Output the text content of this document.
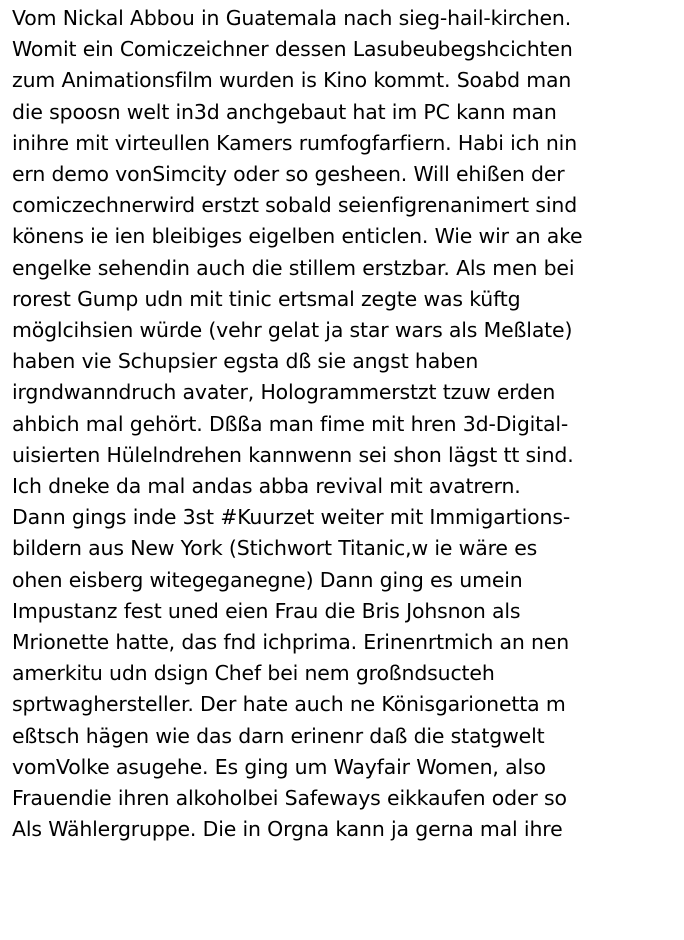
Vom Nickal Abbou in Guatemala nach sieg-hail-kirchen.
Womit ein Comiczeichner dessen Lasubeubegshcichten
zum Animationsfilm wurden is Kino kommt. Soabd man
die spoosn welt in3d anchgebaut hat im PC kann man
inihre mit virteullen Kamers rumfogfarfiern. Habi ich nin
ern demo vonSimcity oder so gesheen. Will ehißen der
comiczechnerwird erstzt sobald seienfigrenanimert sind
könens ie ien bleibiges eigelben enticlen. Wie wir an ake
engelke sehendin auch die stillem erstzbar. Als men bei
rorest Gump udn mit tinic ertsmal zegte was küftg
möglcihsien würde (vehr gelat ja star wars als Meßlate)
haben vie Schupsier egsta dß sie angst haben
irgndwanndruch avater, Hologrammerstzt tzuw erden
ahbich mal gehört. Dßßa man fime mit hren 3d-Digital-
uisierten Hülelndrehen kannwenn sei shon lägst tt sind.
Ich dneke da mal andas abba revival mit avatrern.
Dann gings inde 3st #Kuurzet weiter mit Immigartions-
bildern aus New York (Stichwort Titanic,w ie wäre es
ohen eisberg witegeganegne) Dann ging es umein
Impustanz fest uned eien Frau die Bris Johsnon als
Mrionette hatte, das fnd ichprima. Erinenrtmich an nen
amerkitu udn dsign Chef bei nem großndsucteh
sprtwaghersteller. Der hate auch ne Könisgarionetta m
eßtsch hägen wie das darn erinenr daß die statgwelt
vomVolke asugehe. Es ging um Wayfair Women, also
Frauendie ihren alkoholbei Safeways eikkaufen oder so
Als Wählergruppe. Die in Orgna kann ja gerna mal ihre
